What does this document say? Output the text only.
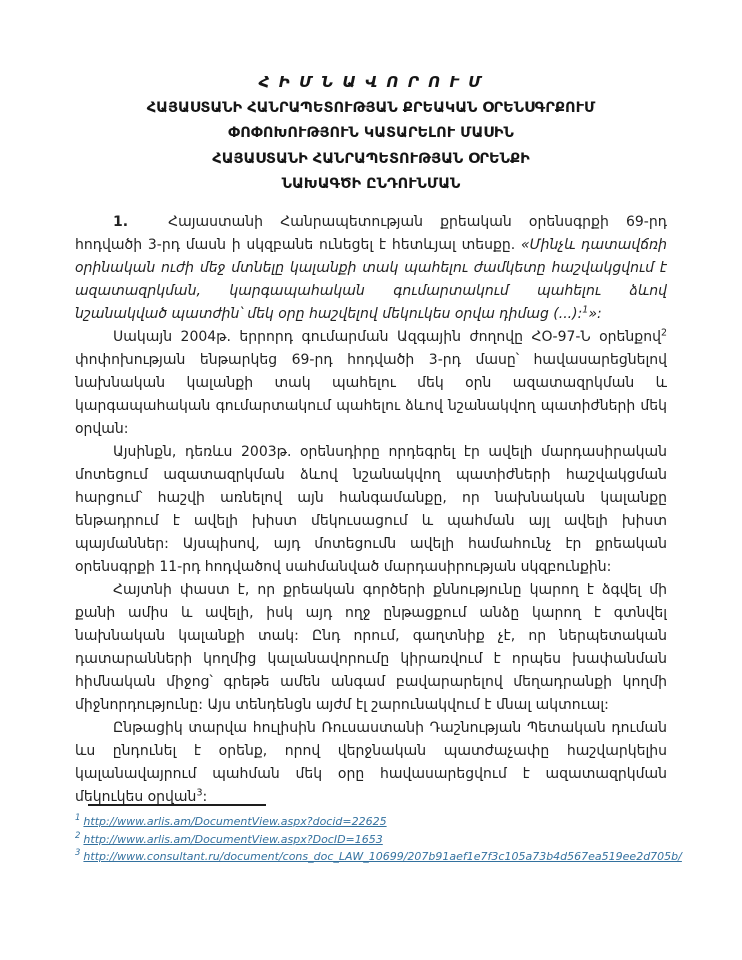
Հ Ի Մ Ն Ա Վ Ո Ր Ո Ւ Մ
ՀԱՅԱՍՏԱՆԻ ՀԱՆՐԱՊԵՏՈՒԹՅԱՆ ՔՐԵԱԿԱՆ ՕՐԵՆՍԳՐՔՈՒՄ
ՓՈՓՈԽՈՒԹՅՈՒՆ ԿԱՏԱՐԵԼՈՒ ՄԱՍԻՆ
ՀԱՅԱՍՏԱՆԻ ՀԱՆՐԱՊԵՏՈՒԹՅԱՆ ՕՐԵՆՔԻ
ՆԱԽԱԳԾԻ ԸՆԴՈՒՆՄԱՆ

1.	Հայաստանի Հանրապետության քրեական օրենսգրքի 69-րդ հոդվածի 3-րդ մասն ի սկզբանե ունեցել է հետևյալ տեսքը. «Մինչև դատավճռի օրինական ուժի մեջ մտնելը կալանքի տակ պահելու ժամկետը հաշվակցվում է ազատազրկման, կարգապահական գումարտակում պահելու ձևով նշանակված պատժին՝ մեկ օրը հաշվելով մեկուկես օրվա դիմաց (...):$^1$»:

Սակայն 2004թ. երրորդ գումարման Ազգային ժողովը ՀՕ-97-Ն օրենքով$^2$ փոփոխության ենթարկեց 69-րդ հոդվածի 3-րդ մասը՝ հավասարեցնելով նախնական կալանքի տակ պահելու մեկ օրն ազատազրկման և կարգապահական գումարտակում պահելու ձևով նշանակվող պատիժների մեկ օրվան:

Այսինքն, դեռևս 2003թ. օրենսդիրը որդեգրել էր ավելի մարդասիրական մոտեցում ազատազրկման ձևով նշանակվող պատիժների հաշվակցման հարցում՝ հաշվի առնելով այն հանգամանքը, որ նախնական կալանքը ենթադրում է ավելի խիստ մեկուսացում և պահման այլ ավելի խիստ պայմաններ: Այսպիսով, այդ մոտեցումն ավելի համահունչ էր քրեական օրենսգրքի 11-րդ հոդվածով սահմանված մարդասիրության սկզբունքին:

Հայտնի փաստ է, որ քրեական գործերի քննությունը կարող է ձգվել մի քանի ամիս և ավելի, իսկ այդ ողջ ընթացքում անձը կարող է գտնվել նախնական կալանքի տակ: Ընդ որում, գաղտնիք չէ, որ ներպետական դատարանների կողմից կալանավորումը կիրառվում է որպես խափանման հիմնական միջոց՝ գրեթե ամեն անգամ բավարարելով մեղադրանքի կողմի միջնորդությունը: Այս տենդենցն այժմ էլ շարունակվում է մնալ ակտուալ:

Ընթացիկ տարվա հուլիսին Ռուսաստանի Դաշնության Պետական դուման ևս ընդունել է օրենք, որով վերջնական պատժաչափը հաշվարկելիս կալանավայրում պահման մեկ օրը հավասարեցվում է ազատազրկման մեկուկես օրվան$^3$:

$^1$ http://www.arlis.am/DocumentView.aspx?docid=22625
$^2$ http://www.arlis.am/DocumentView.aspx?DocID=1653
$^3$ http://www.consultant.ru/document/cons_doc_LAW_10699/207b91aef1e7f3c105a73b4d567ea519ee2d705b/
